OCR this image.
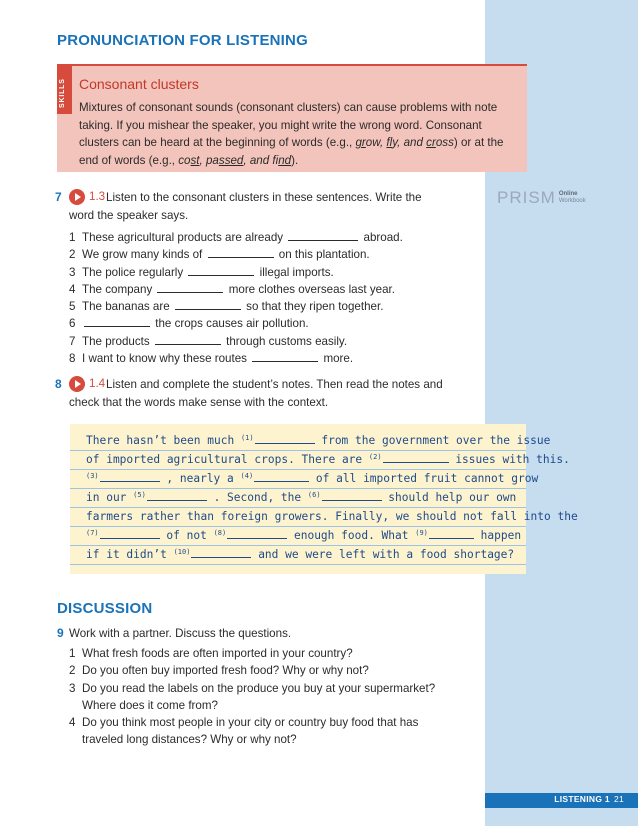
PRONUNCIATION FOR LISTENING
SKILLS Consonant clusters
Mixtures of consonant sounds (consonant clusters) can cause problems with note taking. If you mishear the speaker, you might write the wrong word. Consonant clusters can be heard at the beginning of words (e.g., grow, fly, and cross) or at the end of words (e.g., cost, passed, and find).
7 1.3 Listen to the consonant clusters in these sentences. Write the
word the speaker says.
PRISM Online
Workbook
1 These agricultural products are already	abroad.
2 We grow many kinds of	on this plantation.
3 The police regularly	illegal imports.
4 The company	more clothes overseas last year.
5 The bananas are	so that they ripen together.
6	the crops causes air pollution.
7 The products	through customs easily.
8 I want to know why these routes	more.
8 1.4 Listen and complete the student’s notes. Then read the notes and
check that the words make sense with the context.
There hasn’t been much $^{(1)}$	from the government over the issue
of imported agricultural crops. There are $^{(2)}$	issues with this.
$^{(3)}$	, nearly a $^{(4)}$	of all imported fruit cannot grow
in our $^{(5)}$	. Second, the $^{(6)}$	should help our own
farmers rather than foreign growers. Finally, we should not fall into the
$^{(7)}$	of not $^{(8)}$	enough food. What $^{(9)}$	happen
if it didn’t $^{(10)}$	and we were left with a food shortage?
DISCUSSION
9 Work with a partner. Discuss the questions.
1 What fresh foods are often imported in your country?
2 Do you often buy imported fresh food? Why or why not?
3 Do you read the labels on the produce you buy at your supermarket?
Where does it come from?
4 Do you think most people in your city or country buy food that has
traveled long distances? Why or why not?
LISTENING 1 21
